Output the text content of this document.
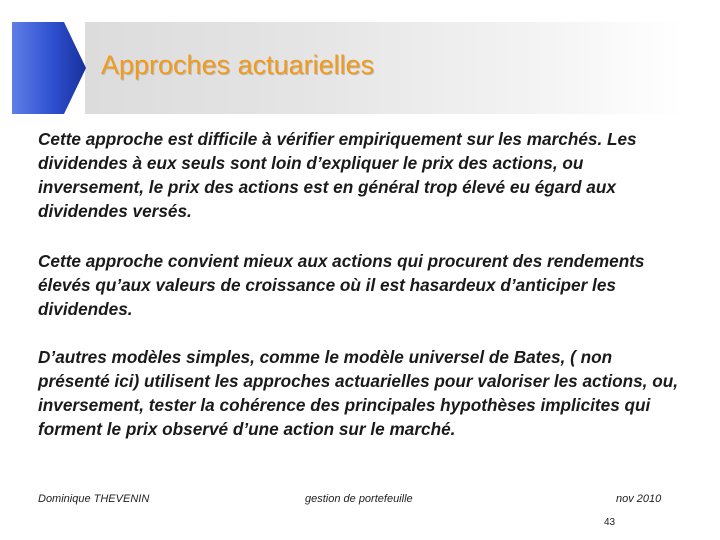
Approches actuarielles

Cette approche est difficile à vérifier empiriquement sur les marchés. Les dividendes à eux seuls sont loin d’expliquer le prix des actions, ou inversement, le prix des actions est en général trop élevé eu égard aux dividendes versés.

Cette approche convient mieux aux actions qui procurent des rendements élevés qu’aux valeurs de croissance où il est hasardeux d’anticiper les dividendes.

D’autres modèles simples, comme le modèle universel de Bates, ( non présenté ici) utilisent les approches actuarielles pour valoriser les actions, ou, inversement, tester la cohérence des principales hypothèses implicites qui forment le prix observé d’une action sur le marché.

Dominique THEVENIN	gestion de portefeuille	nov 2010
43
